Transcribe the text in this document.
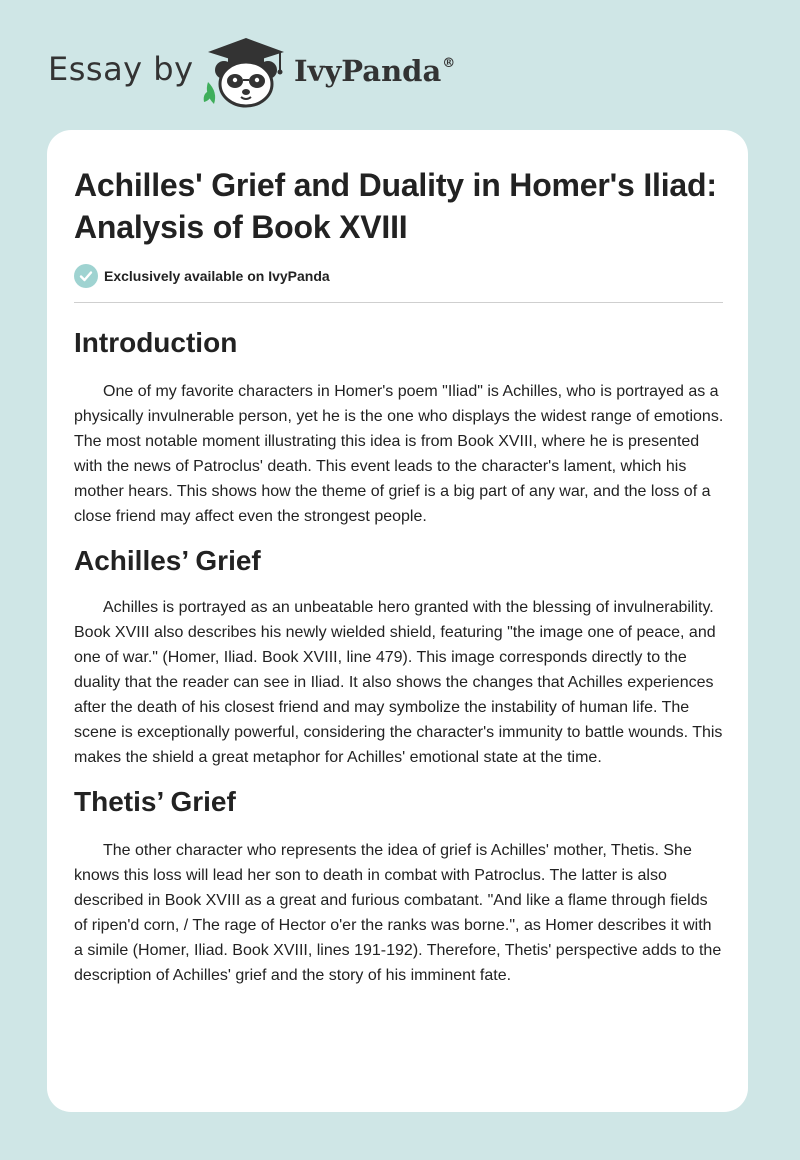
Essay by	IvyPanda®
Achilles' Grief and Duality in Homer's Iliad: Analysis of Book XVIII
Exclusively available on IvyPanda
Introduction

One of my favorite characters in Homer's poem "Iliad" is Achilles, who is portrayed as a physically invulnerable person, yet he is the one who displays the widest range of emotions. The most notable moment illustrating this idea is from Book XVIII, where he is presented with the news of Patroclus' death. This event leads to the character's lament, which his mother hears. This shows how the theme of grief is a big part of any war, and the loss of a close friend may affect even the strongest people.

Achilles’ Grief

Achilles is portrayed as an unbeatable hero granted with the blessing of invulnerability. Book XVIII also describes his newly wielded shield, featuring "the image one of peace, and one of war." (Homer, Iliad. Book XVIII, line 479). This image corresponds directly to the duality that the reader can see in Iliad. It also shows the changes that Achilles experiences after the death of his closest friend and may symbolize the instability of human life. The scene is exceptionally powerful, considering the character's immunity to battle wounds. This makes the shield a great metaphor for Achilles' emotional state at the time.

Thetis’ Grief

The other character who represents the idea of grief is Achilles' mother, Thetis. She knows this loss will lead her son to death in combat with Patroclus. The latter is also described in Book XVIII as a great and furious combatant. "And like a flame through fields of ripen'd corn, / The rage of Hector o'er the ranks was borne.", as Homer describes it with a simile (Homer, Iliad. Book XVIII, lines 191-192). Therefore, Thetis' perspective adds to the description of Achilles' grief and the story of his imminent fate.
